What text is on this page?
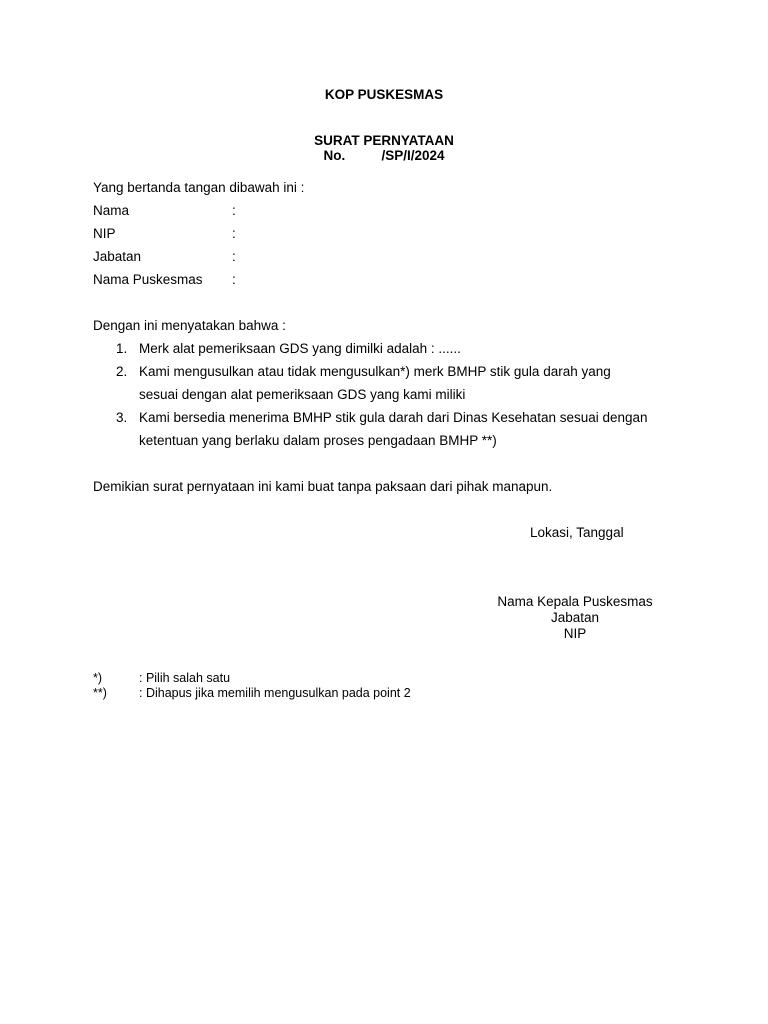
KOP PUSKESMAS
SURAT PERNYATAAN
No.	/SP/I/2024
Yang bertanda tangan dibawah ini :
Nama	:
NIP	:
Jabatan	:
Nama Puskesmas :
Dengan ini menyatakan bahwa :
1. Merk alat pemeriksaan GDS yang dimilki adalah : ......
2. Kami mengusulkan atau tidak mengusulkan*) merk BMHP stik gula darah yang
sesuai dengan alat pemeriksaan GDS yang kami miliki
3. Kami bersedia menerima BMHP stik gula darah dari Dinas Kesehatan sesuai dengan
ketentuan yang berlaku dalam proses pengadaan BMHP **)
Demikian surat pernyataan ini kami buat tanpa paksaan dari pihak manapun.
Lokasi, Tanggal
Nama Kepala Puskesmas
Jabatan
NIP
*)	: Pilih salah satu
**)	: Dihapus jika memilih mengusulkan pada point 2
